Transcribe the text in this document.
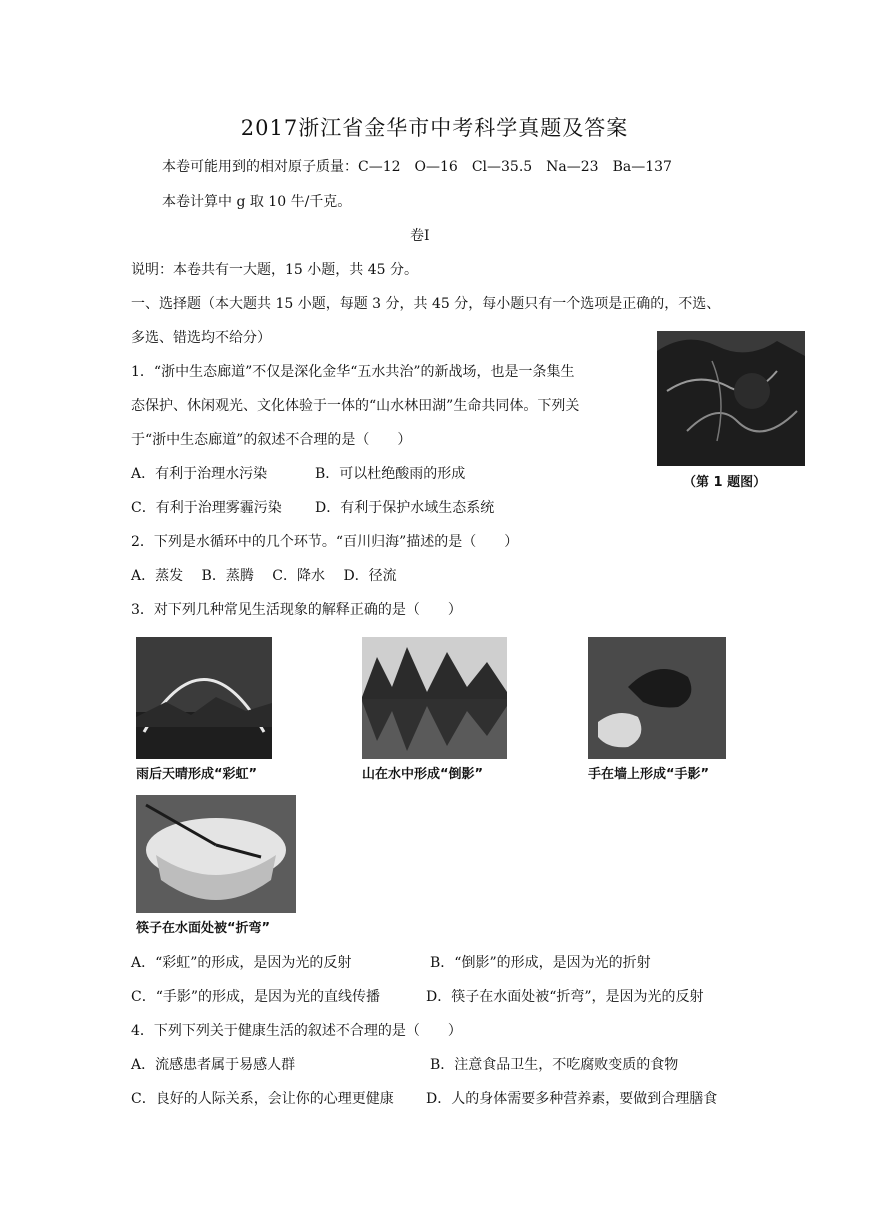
2017浙江省金华市中考科学真题及答案
本卷可能用到的相对原子质量：C—12　O—16　Cl—35.5　Na—23　Ba—137
本卷计算中 g 取 10 牛/千克。
卷Ⅰ
说明：本卷共有一大题，15 小题，共 45 分。
一、选择题（本大题共 15 小题，每题 3 分，共 45 分，每小题只有一个选项是正确的，不选、
多选、错选均不给分）
1．“浙中生态廊道”不仅是深化金华“五水共治”的新战场，也是一条集生
态保护、休闲观光、文化体验于一体的“山水林田湖”生命共同体。下列关
于“浙中生态廊道”的叙述不合理的是（　　）
A．有利于治理水污染	B．可以杜绝酸雨的形成
C．有利于治理雾霾污染 D．有利于保护水域生态系统
（第 1 题图）
2．下列是水循环中的几个环节。“百川归海”描述的是（　　）
A．蒸发　 B．蒸腾　 C．降水　 D．径流
3．对下列几种常见生活现象的解释正确的是（　　）
雨后天晴形成“彩虹”	山在水中形成“倒影”	手在墙上形成“手影”
筷子在水面处被“折弯”
A．“彩虹”的形成，是因为光的反射	B．“倒影”的形成，是因为光的折射
C．“手影”的形成，是因为光的直线传播	D．筷子在水面处被“折弯”，是因为光的反射
4．下列下列关于健康生活的叙述不合理的是（　　）
A．流感患者属于易感人群	B．注意食品卫生，不吃腐败变质的食物
C．良好的人际关系，会让你的心理更健康 D．人的身体需要多种营养素，要做到合理膳食
